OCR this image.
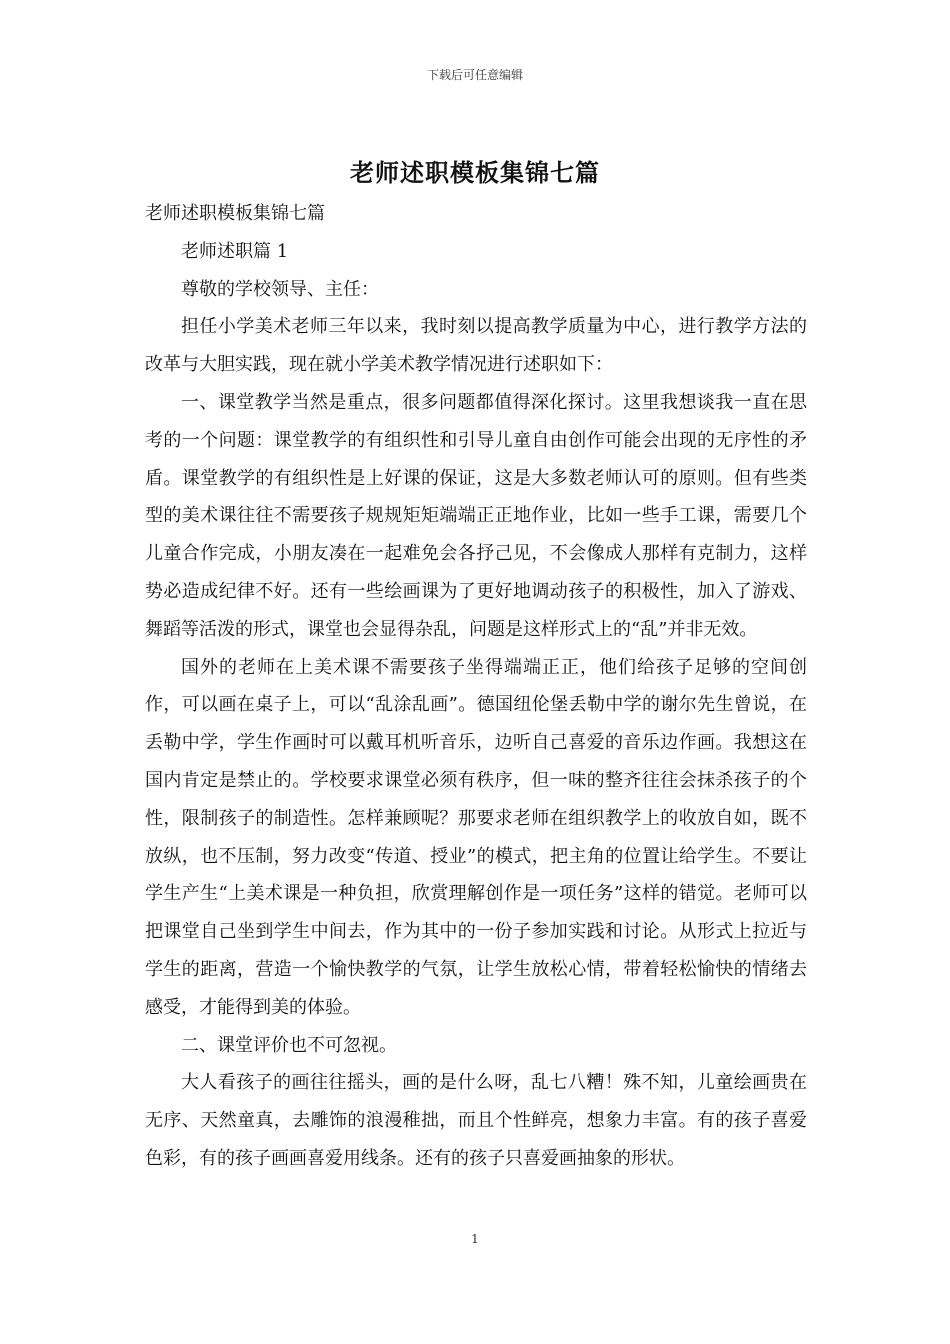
下载后可任意编辑
老师述职模板集锦七篇

老师述职模板集锦七篇

老师述职篇 1

尊敬的学校领导、主任：

担任小学美术老师三年以来，我时刻以提高教学质量为中心，进行教学方法的改革与大胆实践，现在就小学美术教学情况进行述职如下：

一、课堂教学当然是重点，很多问题都值得深化探讨。这里我想谈我一直在思考的一个问题：课堂教学的有组织性和引导儿童自由创作可能会出现的无序性的矛盾。课堂教学的有组织性是上好课的保证，这是大多数老师认可的原则。但有些类型的美术课往往不需要孩子规规矩矩端端正正地作业，比如一些手工课，需要几个儿童合作完成，小朋友凑在一起难免会各抒己见，不会像成人那样有克制力，这样势必造成纪律不好。还有一些绘画课为了更好地调动孩子的积极性，加入了游戏、舞蹈等活泼的形式，课堂也会显得杂乱，问题是这样形式上的“乱”并非无效。

国外的老师在上美术课不需要孩子坐得端端正正，他们给孩子足够的空间创作，可以画在桌子上，可以“乱涂乱画”。德国纽伦堡丢勒中学的谢尔先生曾说，在丢勒中学，学生作画时可以戴耳机听音乐，边听自己喜爱的音乐边作画。我想这在国内肯定是禁止的。学校要求课堂必须有秩序，但一味的整齐往往会抹杀孩子的个性，限制孩子的制造性。怎样兼顾呢？那要求老师在组织教学上的收放自如，既不放纵，也不压制，努力改变“传道、授业”的模式，把主角的位置让给学生。不要让学生产生“上美术课是一种负担，欣赏理解创作是一项任务”这样的错觉。老师可以把课堂自己坐到学生中间去，作为其中的一份子参加实践和讨论。从形式上拉近与学生的距离，营造一个愉快教学的气氛，让学生放松心情，带着轻松愉快的情绪去感受，才能得到美的体验。

二、课堂评价也不可忽视。

大人看孩子的画往往摇头，画的是什么呀，乱七八糟！殊不知，儿童绘画贵在无序、天然童真，去雕饰的浪漫稚拙，而且个性鲜亮，想象力丰富。有的孩子喜爱色彩，有的孩子画画喜爱用线条。还有的孩子只喜爱画抽象的形状。

1
